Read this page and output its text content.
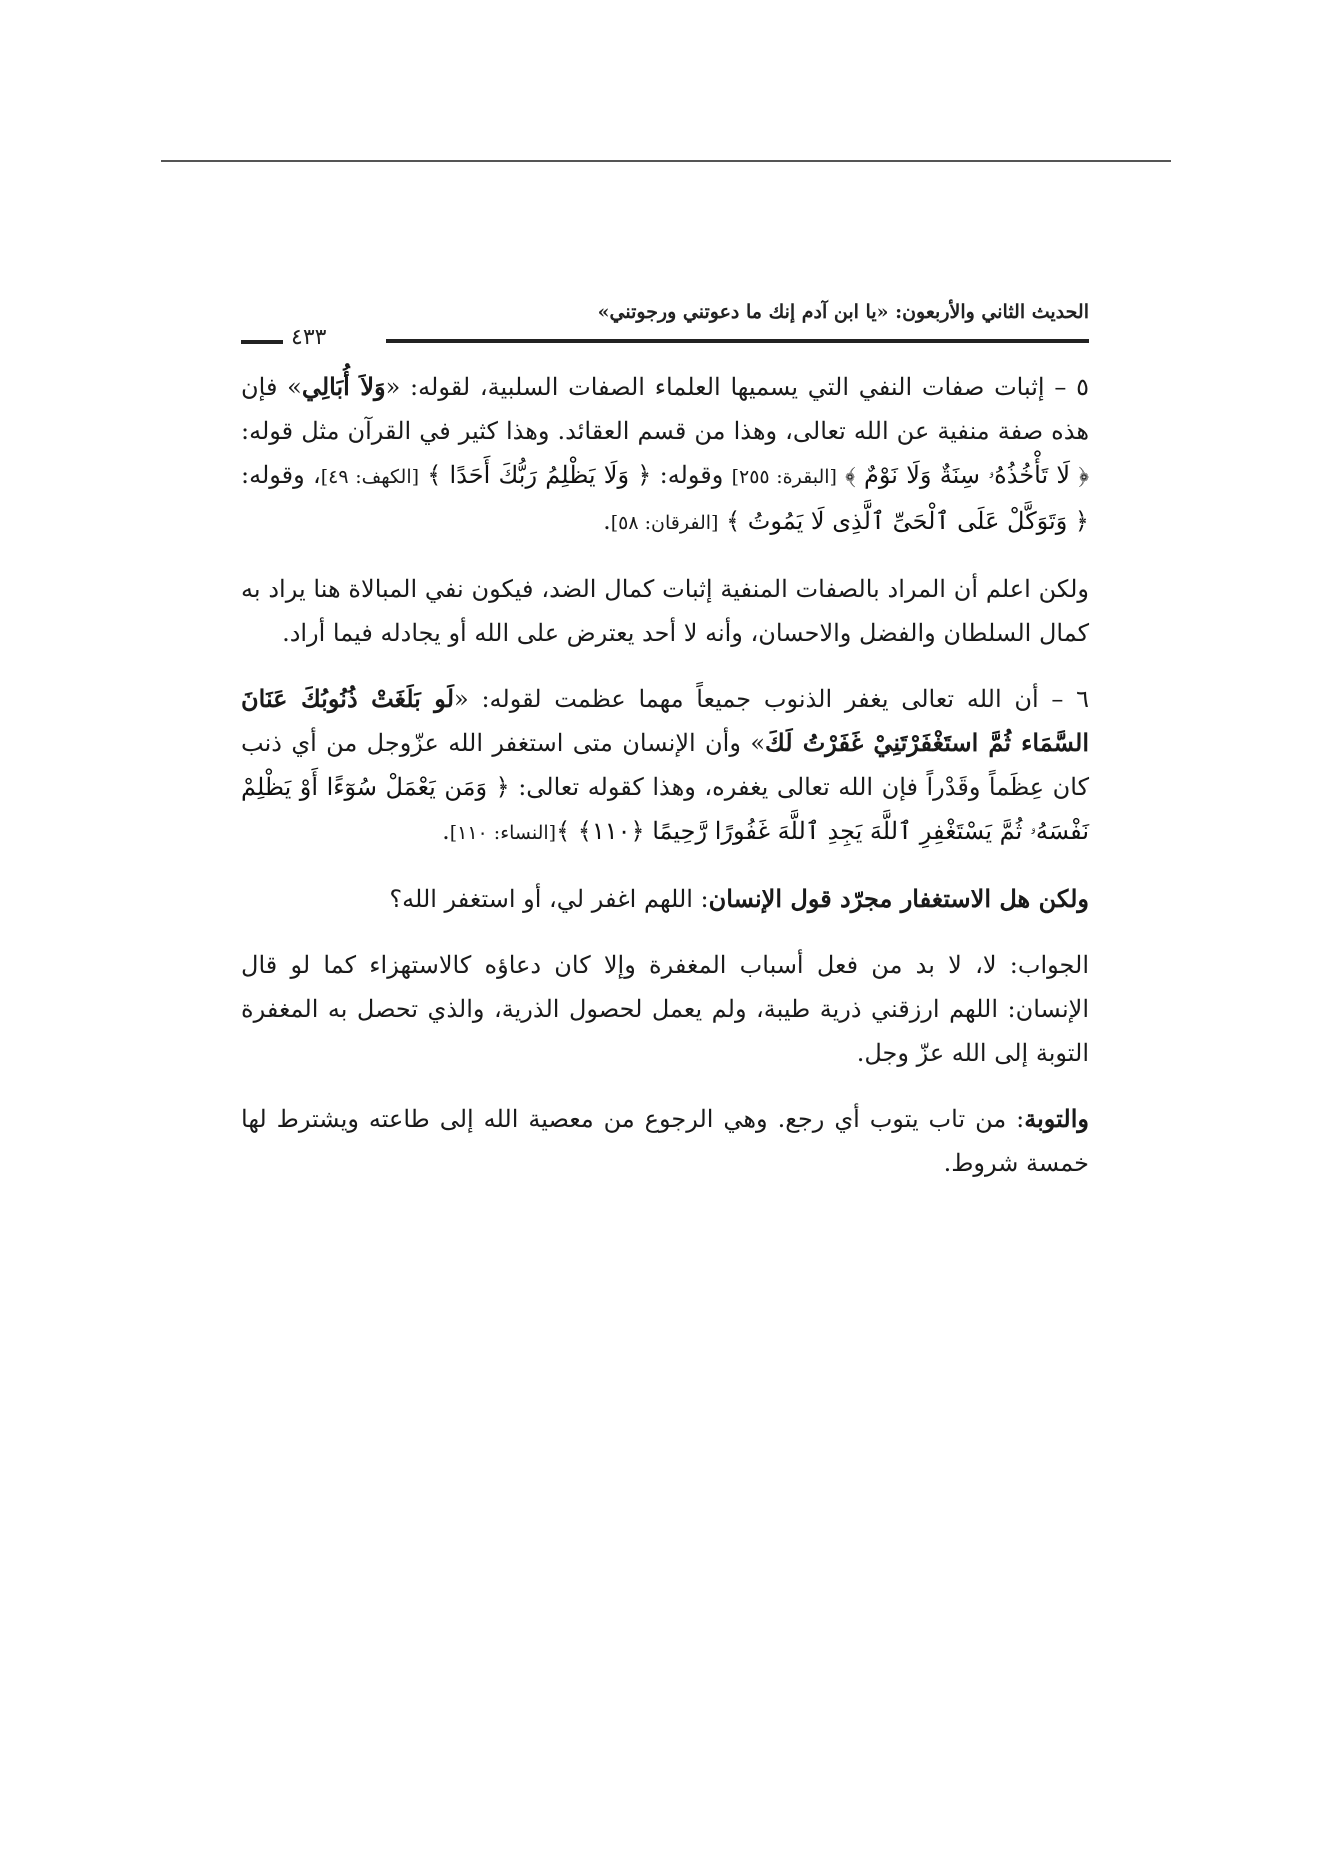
الحديث الثاني والأربعون: «يا ابن آدم إنك ما دعوتني ورجوتني»
٤٣٣

٥ – إثبات صفات النفي التي يسميها العلماء الصفات السلبية، لقوله: «وَلاَ أُبَالِي» فإن هذه صفة منفية عن الله تعالى، وهذا من قسم العقائد. وهذا كثير في القرآن مثل قوله: ﴿ لَا تَأْخُذُهُۥ سِنَةٌ وَلَا نَوْمٌ ﴾ [البقرة: ٢٥٥] وقوله: ﴿ وَلَا يَظْلِمُ رَبُّكَ أَحَدًا ﴾ [الكهف: ٤٩]، وقوله: ﴿ وَتَوَكَّلْ عَلَى ٱلْحَىِّ ٱلَّذِى لَا يَمُوتُ ﴾ [الفرقان: ٥٨].

ولكن اعلم أن المراد بالصفات المنفية إثبات كمال الضد، فيكون نفي المبالاة هنا يراد به كمال السلطان والفضل والاحسان، وأنه لا أحد يعترض على الله أو يجادله فيما أراد.

٦ – أن الله تعالى يغفر الذنوب جميعاً مهما عظمت لقوله: «لَو بَلَغَتْ ذُنُوبُكَ عَنَانَ السَّمَاء ثُمَّ استَغْفَرْتَنِيْ غَفَرْتُ لَكَ» وأن الإنسان متى استغفر الله عزّوجل من أي ذنب كان عِظَماً وقَدْراً فإن الله تعالى يغفره، وهذا كقوله تعالى: ﴿ وَمَن يَعْمَلْ سُوٓءًا أَوْ يَظْلِمْ نَفْسَهُۥ ثُمَّ يَسْتَغْفِرِ ٱللَّهَ يَجِدِ ٱللَّهَ غَفُورًا رَّحِيمًا ﴿١١٠﴾ ﴾[النساء: ١١٠].

ولكن هل الاستغفار مجرّد قول الإنسان: اللهم اغفر لي، أو استغفر الله؟

الجواب: لا، لا بد من فعل أسباب المغفرة وإلا كان دعاؤه كالاستهزاء كما لو قال الإنسان: اللهم ارزقني ذرية طيبة، ولم يعمل لحصول الذرية، والذي تحصل به المغفرة التوبة إلى الله عزّ وجل.

والتوبة: من تاب يتوب أي رجع. وهي الرجوع من معصية الله إلى طاعته ويشترط لها خمسة شروط.
